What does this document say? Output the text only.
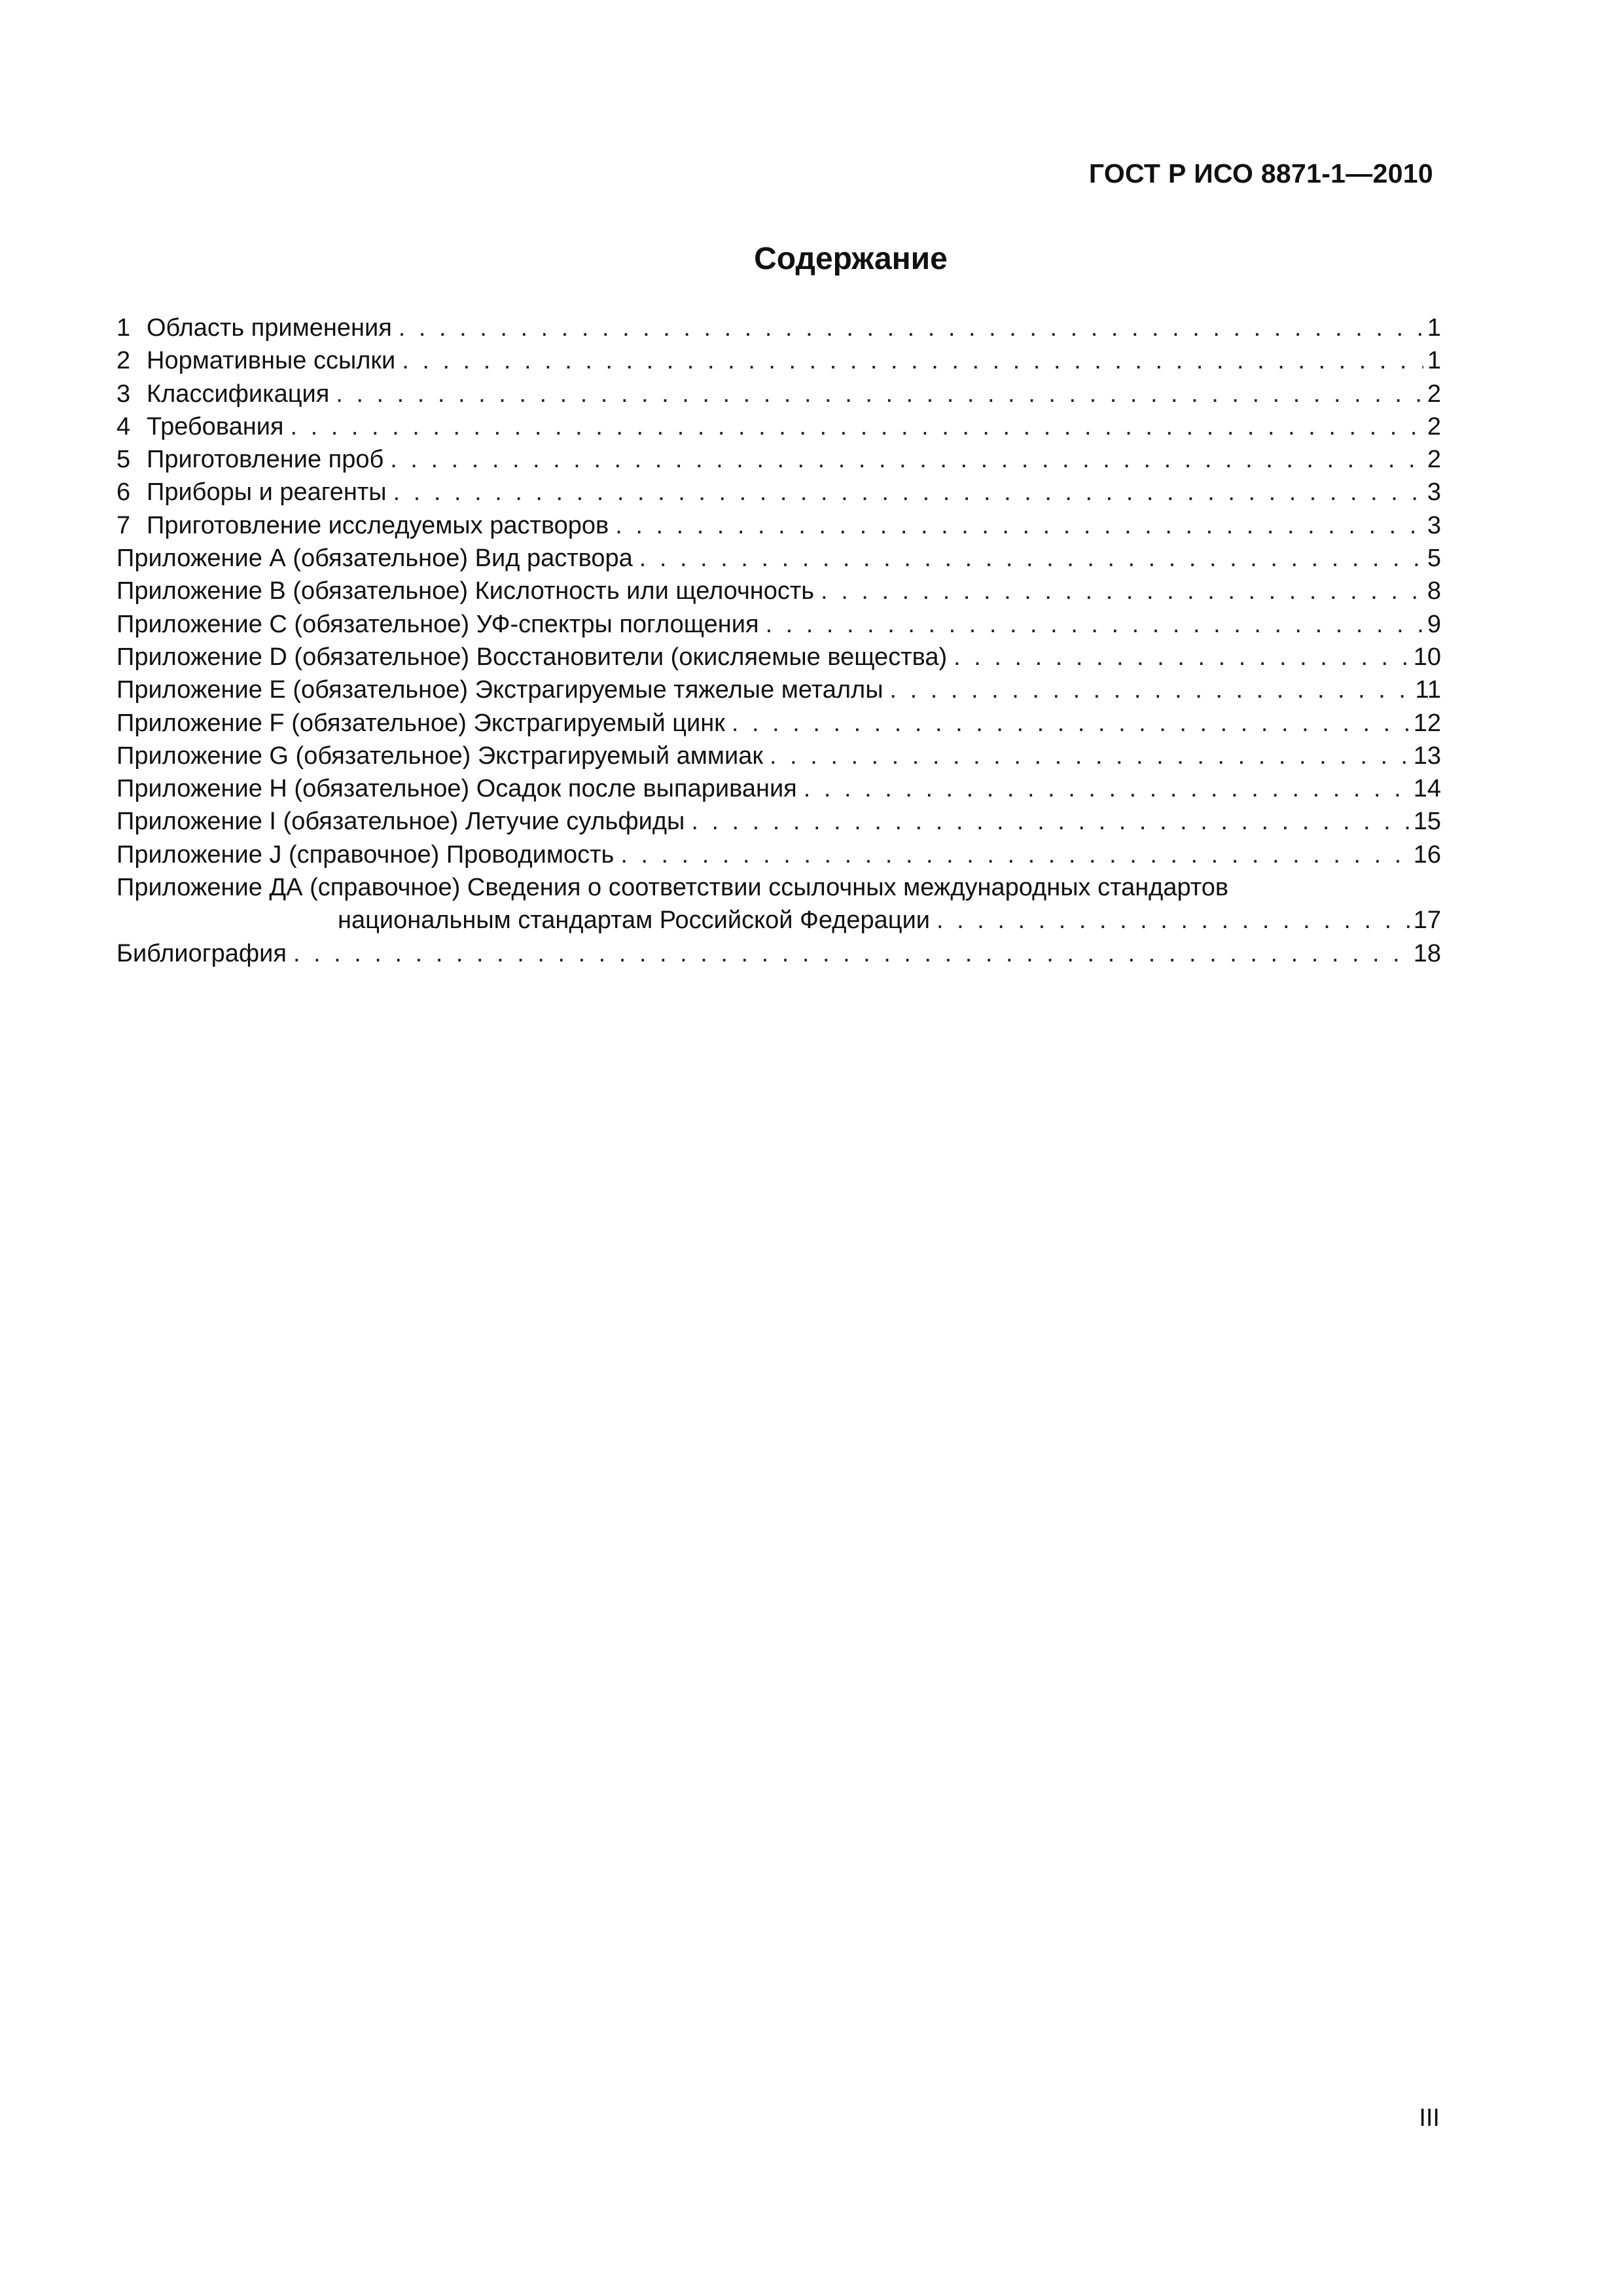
ГОСТ Р ИСО 8871-1—2010
Содержание
1 Область применения . . .	1
2 Нормативные ссылки . . .	1
3 Классификация . . .	2
4 Требования . . .	2
5 Приготовление проб . . .	2
6 Приборы и реагенты . . .	3
7 Приготовление исследуемых растворов . . .	3
Приложение А (обязательное) Вид раствора . . .	5
Приложение В (обязательное) Кислотность или щелочность . . .	8
Приложение С (обязательное) УФ-спектры поглощения . . .	9
Приложение D (обязательное) Восстановители (окисляемые вещества) . . .	10
Приложение Е (обязательное) Экстрагируемые тяжелые металлы . . .	11
Приложение F (обязательное) Экстрагируемый цинк . . .	12
Приложение G (обязательное) Экстрагируемый аммиак . . .	13
Приложение Н (обязательное) Осадок после выпаривания . . .	14
Приложение I (обязательное) Летучие сульфиды . . .	15
Приложение J (справочное) Проводимость . . .	16
Приложение ДА (справочное) Сведения о соответствии ссылочных международных стандартов
национальным стандартам Российской Федерации . . .	17
Библиография . . .	18
III
